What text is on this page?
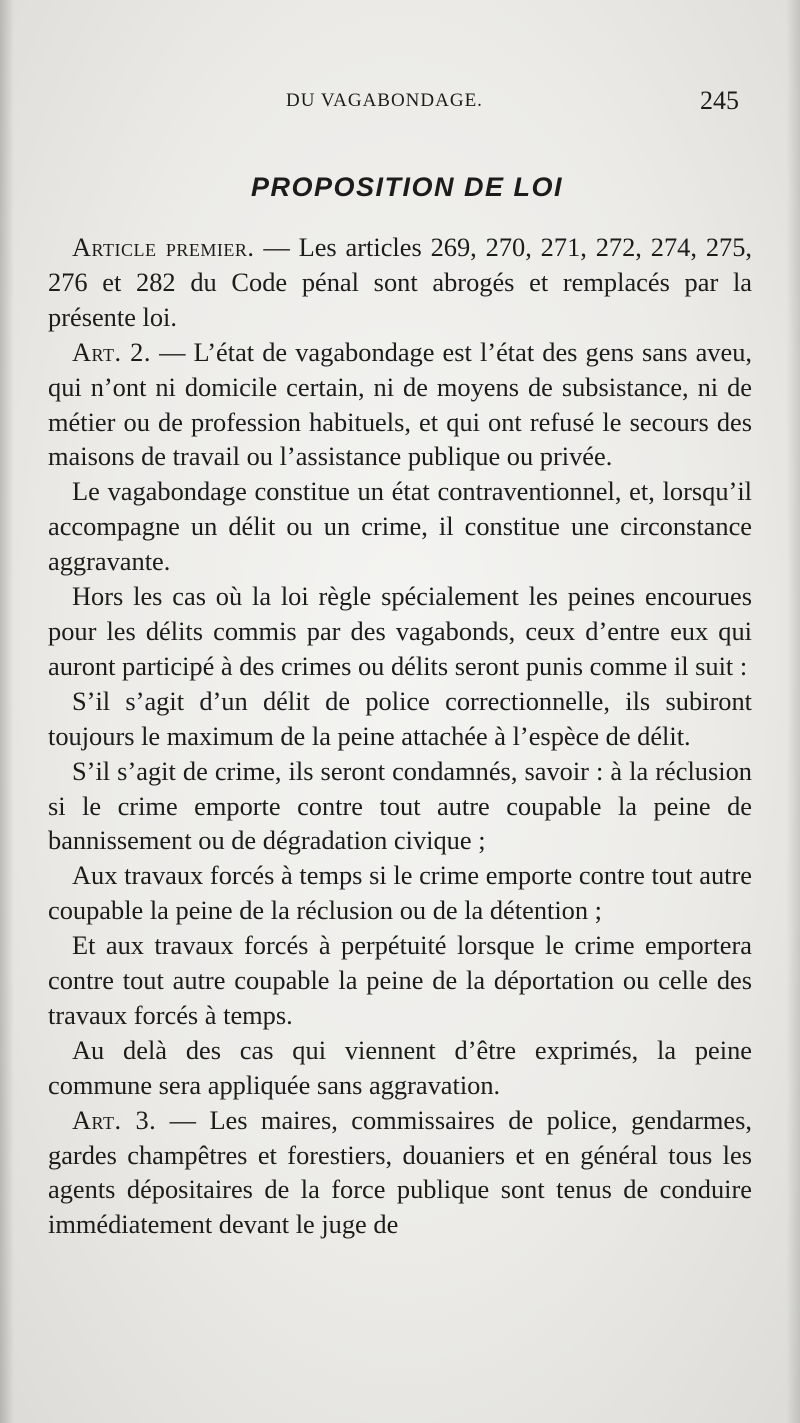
DU VAGABONDAGE.	245
PROPOSITION DE LOI

Article premier. — Les articles 269, 270, 271, 272, 274, 275, 276 et 282 du Code pénal sont abrogés et remplacés par la présente loi.

Art. 2. — L’état de vagabondage est l’état des gens sans aveu, qui n’ont ni domicile certain, ni de moyens de subsistance, ni de métier ou de profession habituels, et qui ont refusé le secours des maisons de travail ou l’assistance publique ou privée.

Le vagabondage constitue un état contraventionnel, et, lorsqu’il accompagne un délit ou un crime, il constitue une circonstance aggravante.

Hors les cas où la loi règle spécialement les peines encourues pour les délits commis par des vagabonds, ceux d’entre eux qui auront participé à des crimes ou délits seront punis comme il suit :

S’il s’agit d’un délit de police correctionnelle, ils subiront toujours le maximum de la peine attachée à l’espèce de délit.

S’il s’agit de crime, ils seront condamnés, savoir : à la réclusion si le crime emporte contre tout autre coupable la peine de bannissement ou de dégradation civique ;

Aux travaux forcés à temps si le crime emporte contre tout autre coupable la peine de la réclusion ou de la détention ;

Et aux travaux forcés à perpétuité lorsque le crime emportera contre tout autre coupable la peine de la déportation ou celle des travaux forcés à temps.

Au delà des cas qui viennent d’être exprimés, la peine commune sera appliquée sans aggravation.

Art. 3. — Les maires, commissaires de police, gendarmes, gardes champêtres et forestiers, douaniers et en général tous les agents dépositaires de la force publique sont tenus de conduire immédiatement devant le juge de
